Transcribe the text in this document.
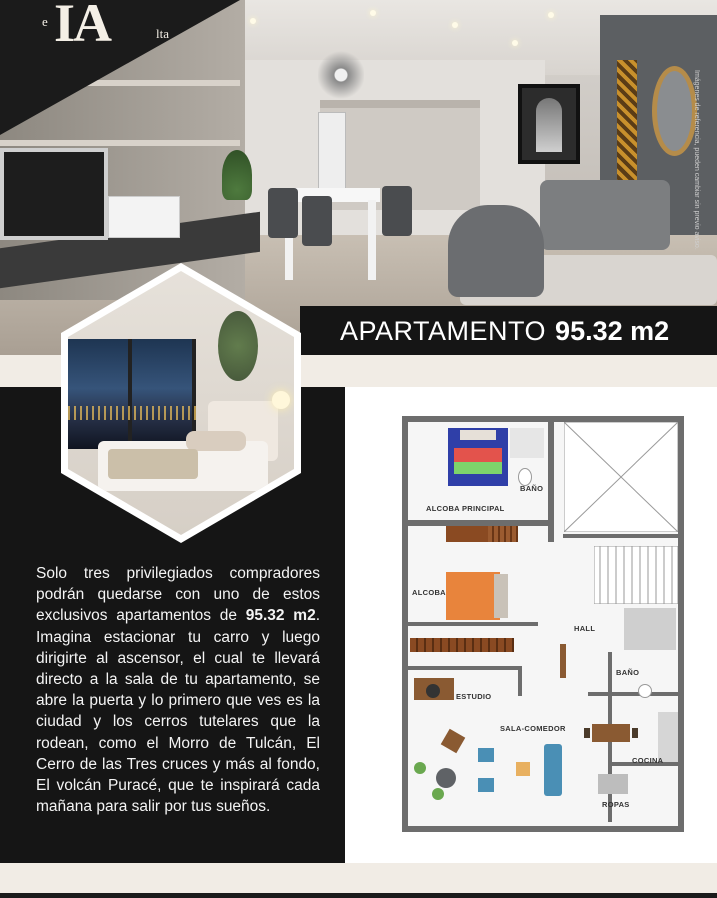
e IA	lta
Imágenes de referencia, pueden cambiar sin previo aviso.
APARTAMENTO 95.32 m2

Solo tres privilegiados compradores podrán quedarse con uno de estos exclusivos apartamentos de 95.32 m2. Imagina estacionar tu carro y luego dirigirte al ascensor, el cual te llevará directo a la sala de tu apartamento, se abre la puerta y lo primero que ves es la ciudad y los cerros tutelares que la rodean, como el Morro de Tulcán, El Cerro de las Tres cruces y más al fondo, El volcán Puracé, que te inspirará cada mañana para salir por tus sueños.

ALCOBA PRINCIPAL
BAÑO
ALCOBA
HALL
BAÑO
ESTUDIO
SALA-COMEDOR
COCINA
ROPAS
